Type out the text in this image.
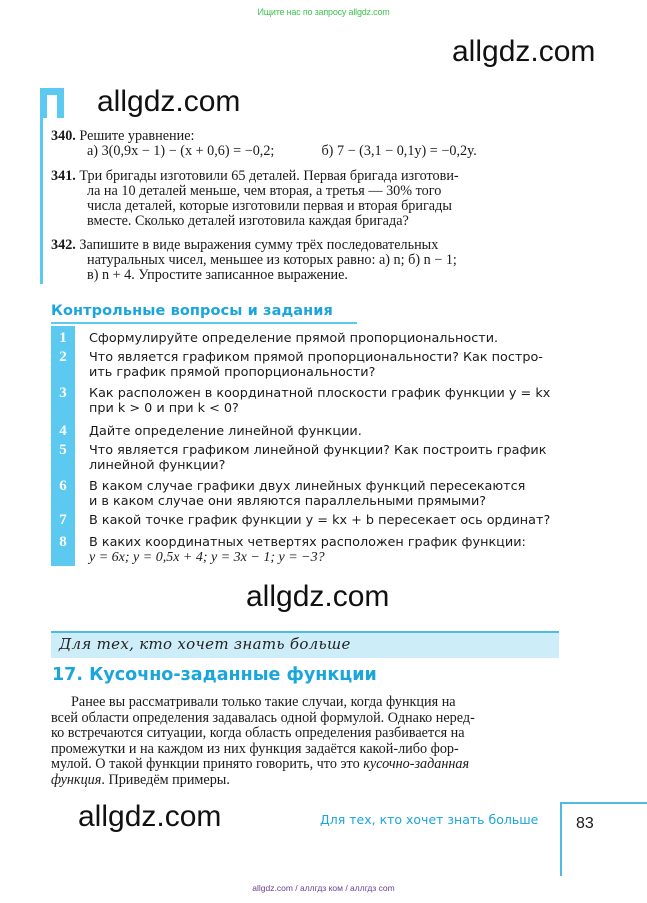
Ищите нас по запросу allgdz.com
allgdz.com
allgdz.com
340. Решите уравнение:
а) 3(0,9x − 1) − (x + 0,6) = −0,2;	б) 7 − (3,1 − 0,1y) = −0,2y.
341. Три бригады изготовили 65 деталей. Первая бригада изготови-
ла на 10 деталей меньше, чем вторая, а третья — 30% того
числа деталей, которые изготовили первая и вторая бригады
вместе. Сколько деталей изготовила каждая бригада?
342. Запишите в виде выражения сумму трёх последовательных
натуральных чисел, меньшее из которых равно: а) n; б) n − 1;
в) n + 4. Упростите записанное выражение.
Контрольные вопросы и задания
1	Сформулируйте определение прямой пропорциональности.
2	Что является графиком прямой пропорциональности? Как постро-
ить график прямой пропорциональности?
3	Как расположен в координатной плоскости график функции y = kx
при k > 0 и при k < 0?
4	Дайте определение линейной функции.
5	Что является графиком линейной функции? Как построить график
линейной функции?
6	В каком случае графики двух линейных функций пересекаются
и в каком случае они являются параллельными прямыми?
7	В какой точке график функции y = kx + b пересекает ось ординат?
8	В каких координатных четвертях расположен график функции:
y = 6x; y = 0,5x + 4; y = 3x − 1; y = −3?
allgdz.com
Для тех, кто хочет знать больше
17. Кусочно-заданные функции
Ранее вы рассматривали только такие случаи, когда функция на
всей области определения задавалась одной формулой. Однако неред-
ко встречаются ситуации, когда область определения разбивается на
промежутки и на каждом из них функция задаётся какой-либо фор-
мулой. О такой функции принято говорить, что это кусочно-заданная
функция. Приведём примеры.
allgdz.com	Для тех, кто хочет знать больше 83
allgdz.com / аллгдз ком / аллгдз com
